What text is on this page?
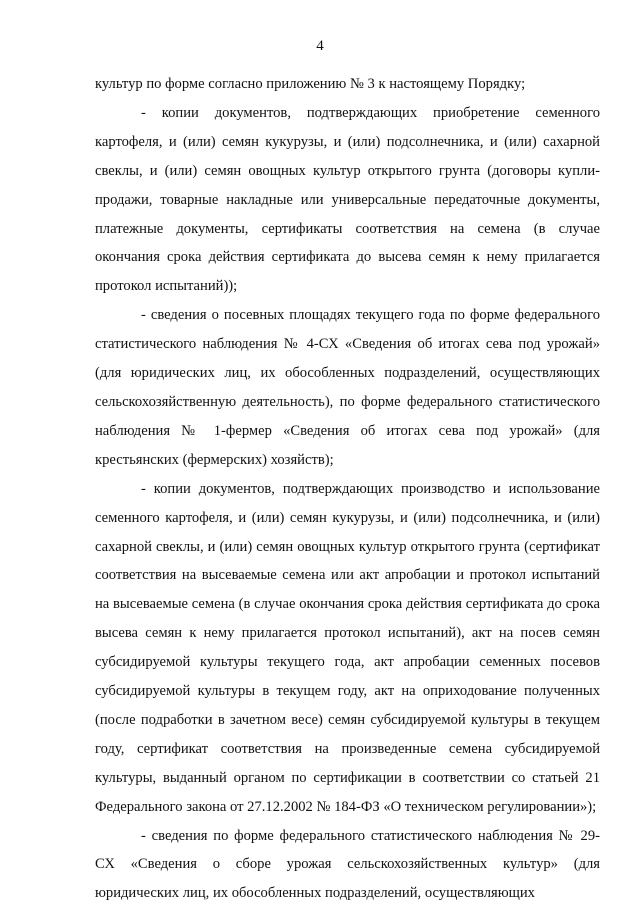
4

культур по форме согласно приложению № 3 к настоящему Порядку;

- копии документов, подтверждающих приобретение семенного картофеля, и (или) семян кукурузы, и (или) подсолнечника, и (или) сахарной свеклы, и (или) семян овощных культур открытого грунта (договоры купли-продажи, товарные накладные или универсальные передаточные документы, платежные документы, сертификаты соответствия на семена (в случае окончания срока действия сертификата до высева семян к нему прилагается протокол испытаний));

- сведения о посевных площадях текущего года по форме федерального статистического наблюдения № 4-СХ «Сведения об итогах сева под урожай» (для юридических лиц, их обособленных подразделений, осуществляющих сельскохозяйственную деятельность), по форме федерального статистического наблюдения № 1-фермер «Сведения об итогах сева под урожай» (для крестьянских (фермерских) хозяйств);

- копии документов, подтверждающих производство и использование семенного картофеля, и (или) семян кукурузы, и (или) подсолнечника, и (или) сахарной свеклы, и (или) семян овощных культур открытого грунта (сертификат соответствия на высеваемые семена или акт апробации и протокол испытаний на высеваемые семена (в случае окончания срока действия сертификата до срока высева семян к нему прилагается протокол испытаний), акт на посев семян субсидируемой культуры текущего года, акт апробации семенных посевов субсидируемой культуры в текущем году, акт на оприходование полученных (после подработки в зачетном весе) семян субсидируемой культуры в текущем году, сертификат соответствия на произведенные семена субсидируемой культуры, выданный органом по сертификации в соответствии со статьей 21 Федерального закона от 27.12.2002 № 184-ФЗ «О техническом регулировании»);

- сведения по форме федерального статистического наблюдения № 29-СХ «Сведения о сборе урожая сельскохозяйственных культур» (для юридических лиц, их обособленных подразделений, осуществляющих
